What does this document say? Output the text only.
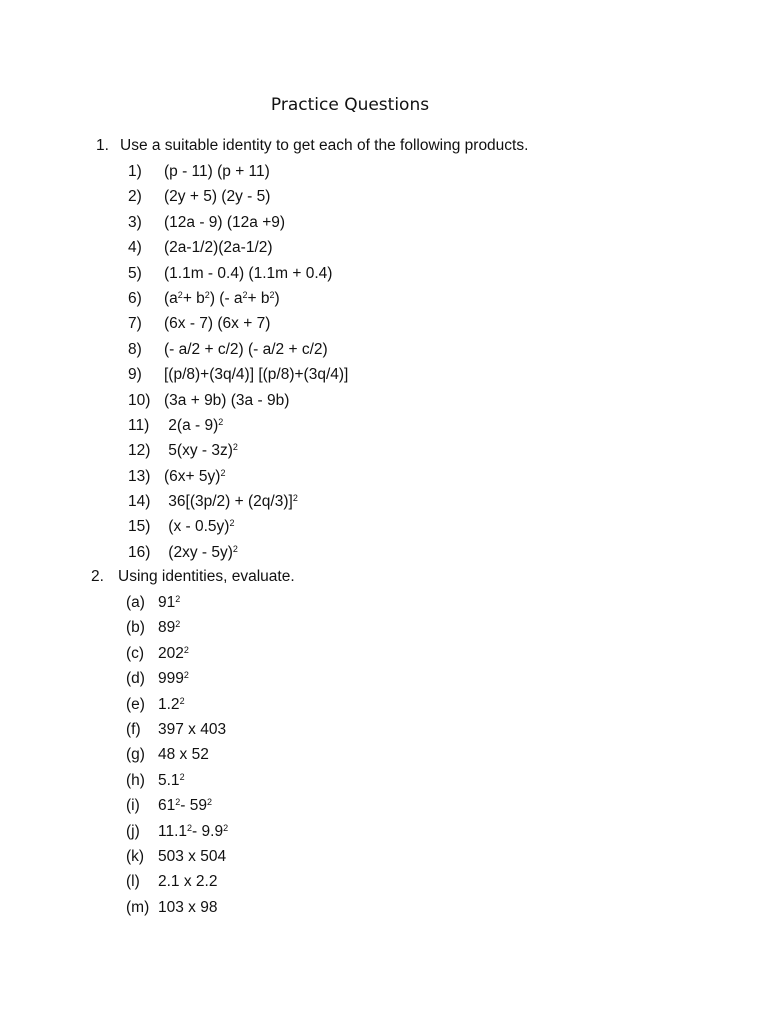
Practice Questions
1. Use a suitable identity to get each of the following products.
1) (p - 11) (p + 11)
2) (2y + 5) (2y - 5)
3) (12a - 9) (12a +9)
4) (2a-1/2)(2a-1/2)
5) (1.1m - 0.4) (1.1m + 0.4)
6) $(a^2+ b^2)$ (- $a^2+ b^2$)
7) (6x - 7) (6x + 7)
8) (- a/2 + c/2) (- a/2 + c/2)
9) [(p/8)+(3q/4)] [(p/8)+(3q/4)]
10) (3a + 9b) (3a - 9b)
11) 2(a - 9)$^2$
12) 5(xy - 3z)$^2$
13) $(6x+ 5y)^2$
14) $36[(3p/2) + (2q/3)]^2$
15) (x - 0.5y)$^2$
16) (2xy - 5y)$^2$
2. Using identities, evaluate.
(a) $91^2$
(b) $89^2$
(c) $202^2$
(d) $999^2$
(e) $1.2^2$
(f) 397 x 403
(g) 48 x 52
(h) $5.1^2$
(i) $61^2-$ $59^2$
(j) 11.1$^2$- $9.9^2$
(k) 503 x 504
(l) 2.1 x 2.2
(m) 103 x 98
